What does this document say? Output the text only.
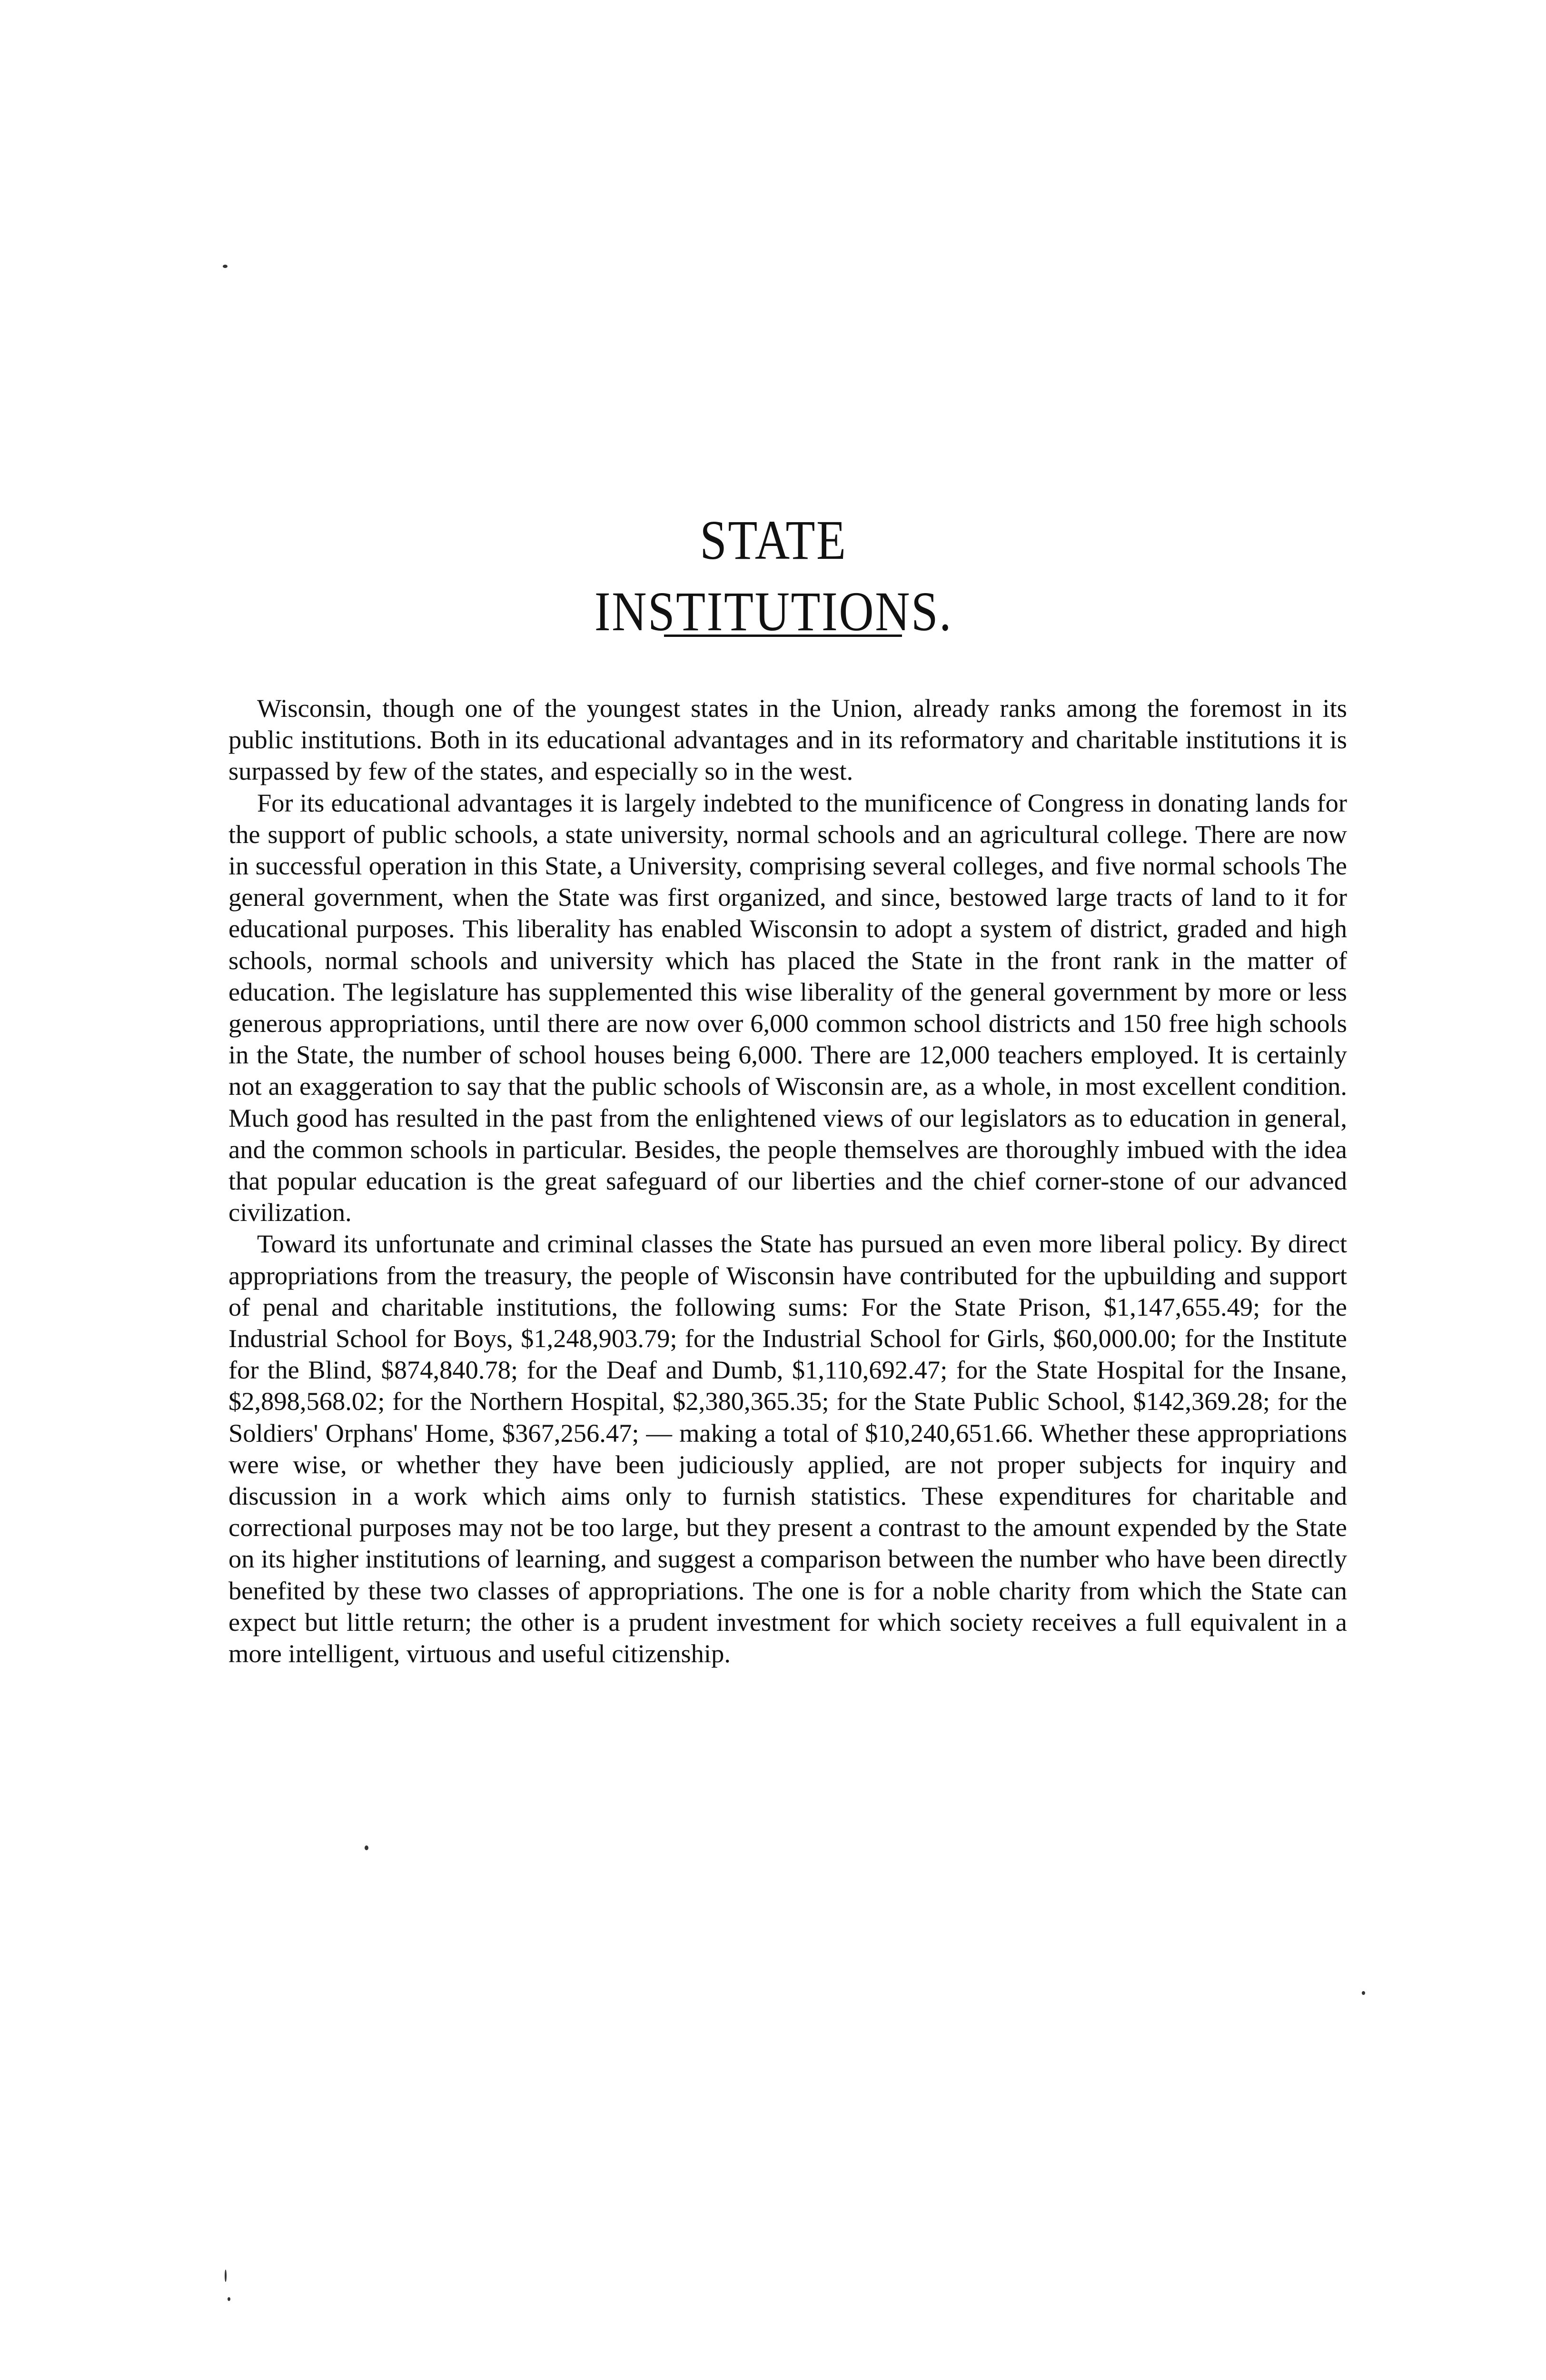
STATE INSTITUTIONS.

Wisconsin, though one of the youngest states in the Union, already ranks among the foremost in its public institutions. Both in its educational advantages and in its reformatory and charitable institutions it is surpassed by few of the states, and especially so in the west.

For its educational advantages it is largely indebted to the munificence of Congress in donating lands for the support of public schools, a state university, normal schools and an agricultural college. There are now in successful operation in this State, a University, comprising several colleges, and five normal schools The general government, when the State was first organized, and since, bestowed large tracts of land to it for educational purposes. This liberality has enabled Wisconsin to adopt a system of district, graded and high schools, normal schools and university which has placed the State in the front rank in the matter of education. The legislature has supplemented this wise liberality of the general government by more or less generous appropriations, until there are now over 6,000 common school districts and 150 free high schools in the State, the number of school houses being 6,000. There are 12,000 teachers employed. It is certainly not an exaggeration to say that the public schools of Wisconsin are, as a whole, in most excellent condition. Much good has resulted in the past from the enlightened views of our legislators as to education in general, and the common schools in particular. Besides, the people themselves are thoroughly imbued with the idea that popular education is the great safeguard of our liberties and the chief corner-stone of our advanced civilization.

Toward its unfortunate and criminal classes the State has pursued an even more liberal policy. By direct appropriations from the treasury, the people of Wisconsin have contributed for the upbuilding and support of penal and charitable institutions, the following sums: For the State Prison, $1,147,655.49; for the Industrial School for Boys, $1,248,903.79; for the Industrial School for Girls, $60,000.00; for the Institute for the Blind, $874,840.78; for the Deaf and Dumb, $1,110,692.47; for the State Hospital for the Insane, $2,898,568.02; for the Northern Hospital, $2,380,365.35; for the State Public School, $142,369.28; for the Soldiers' Orphans' Home, $367,256.47; — making a total of $10,240,651.66. Whether these appropriations were wise, or whether they have been judiciously applied, are not proper subjects for inquiry and discussion in a work which aims only to furnish statistics. These expenditures for charitable and correctional purposes may not be too large, but they present a contrast to the amount expended by the State on its higher institutions of learning, and suggest a comparison between the number who have been directly benefited by these two classes of appropriations. The one is for a noble charity from which the State can expect but little return; the other is a prudent investment for which society receives a full equivalent in a more intelligent, virtuous and useful citizenship.
